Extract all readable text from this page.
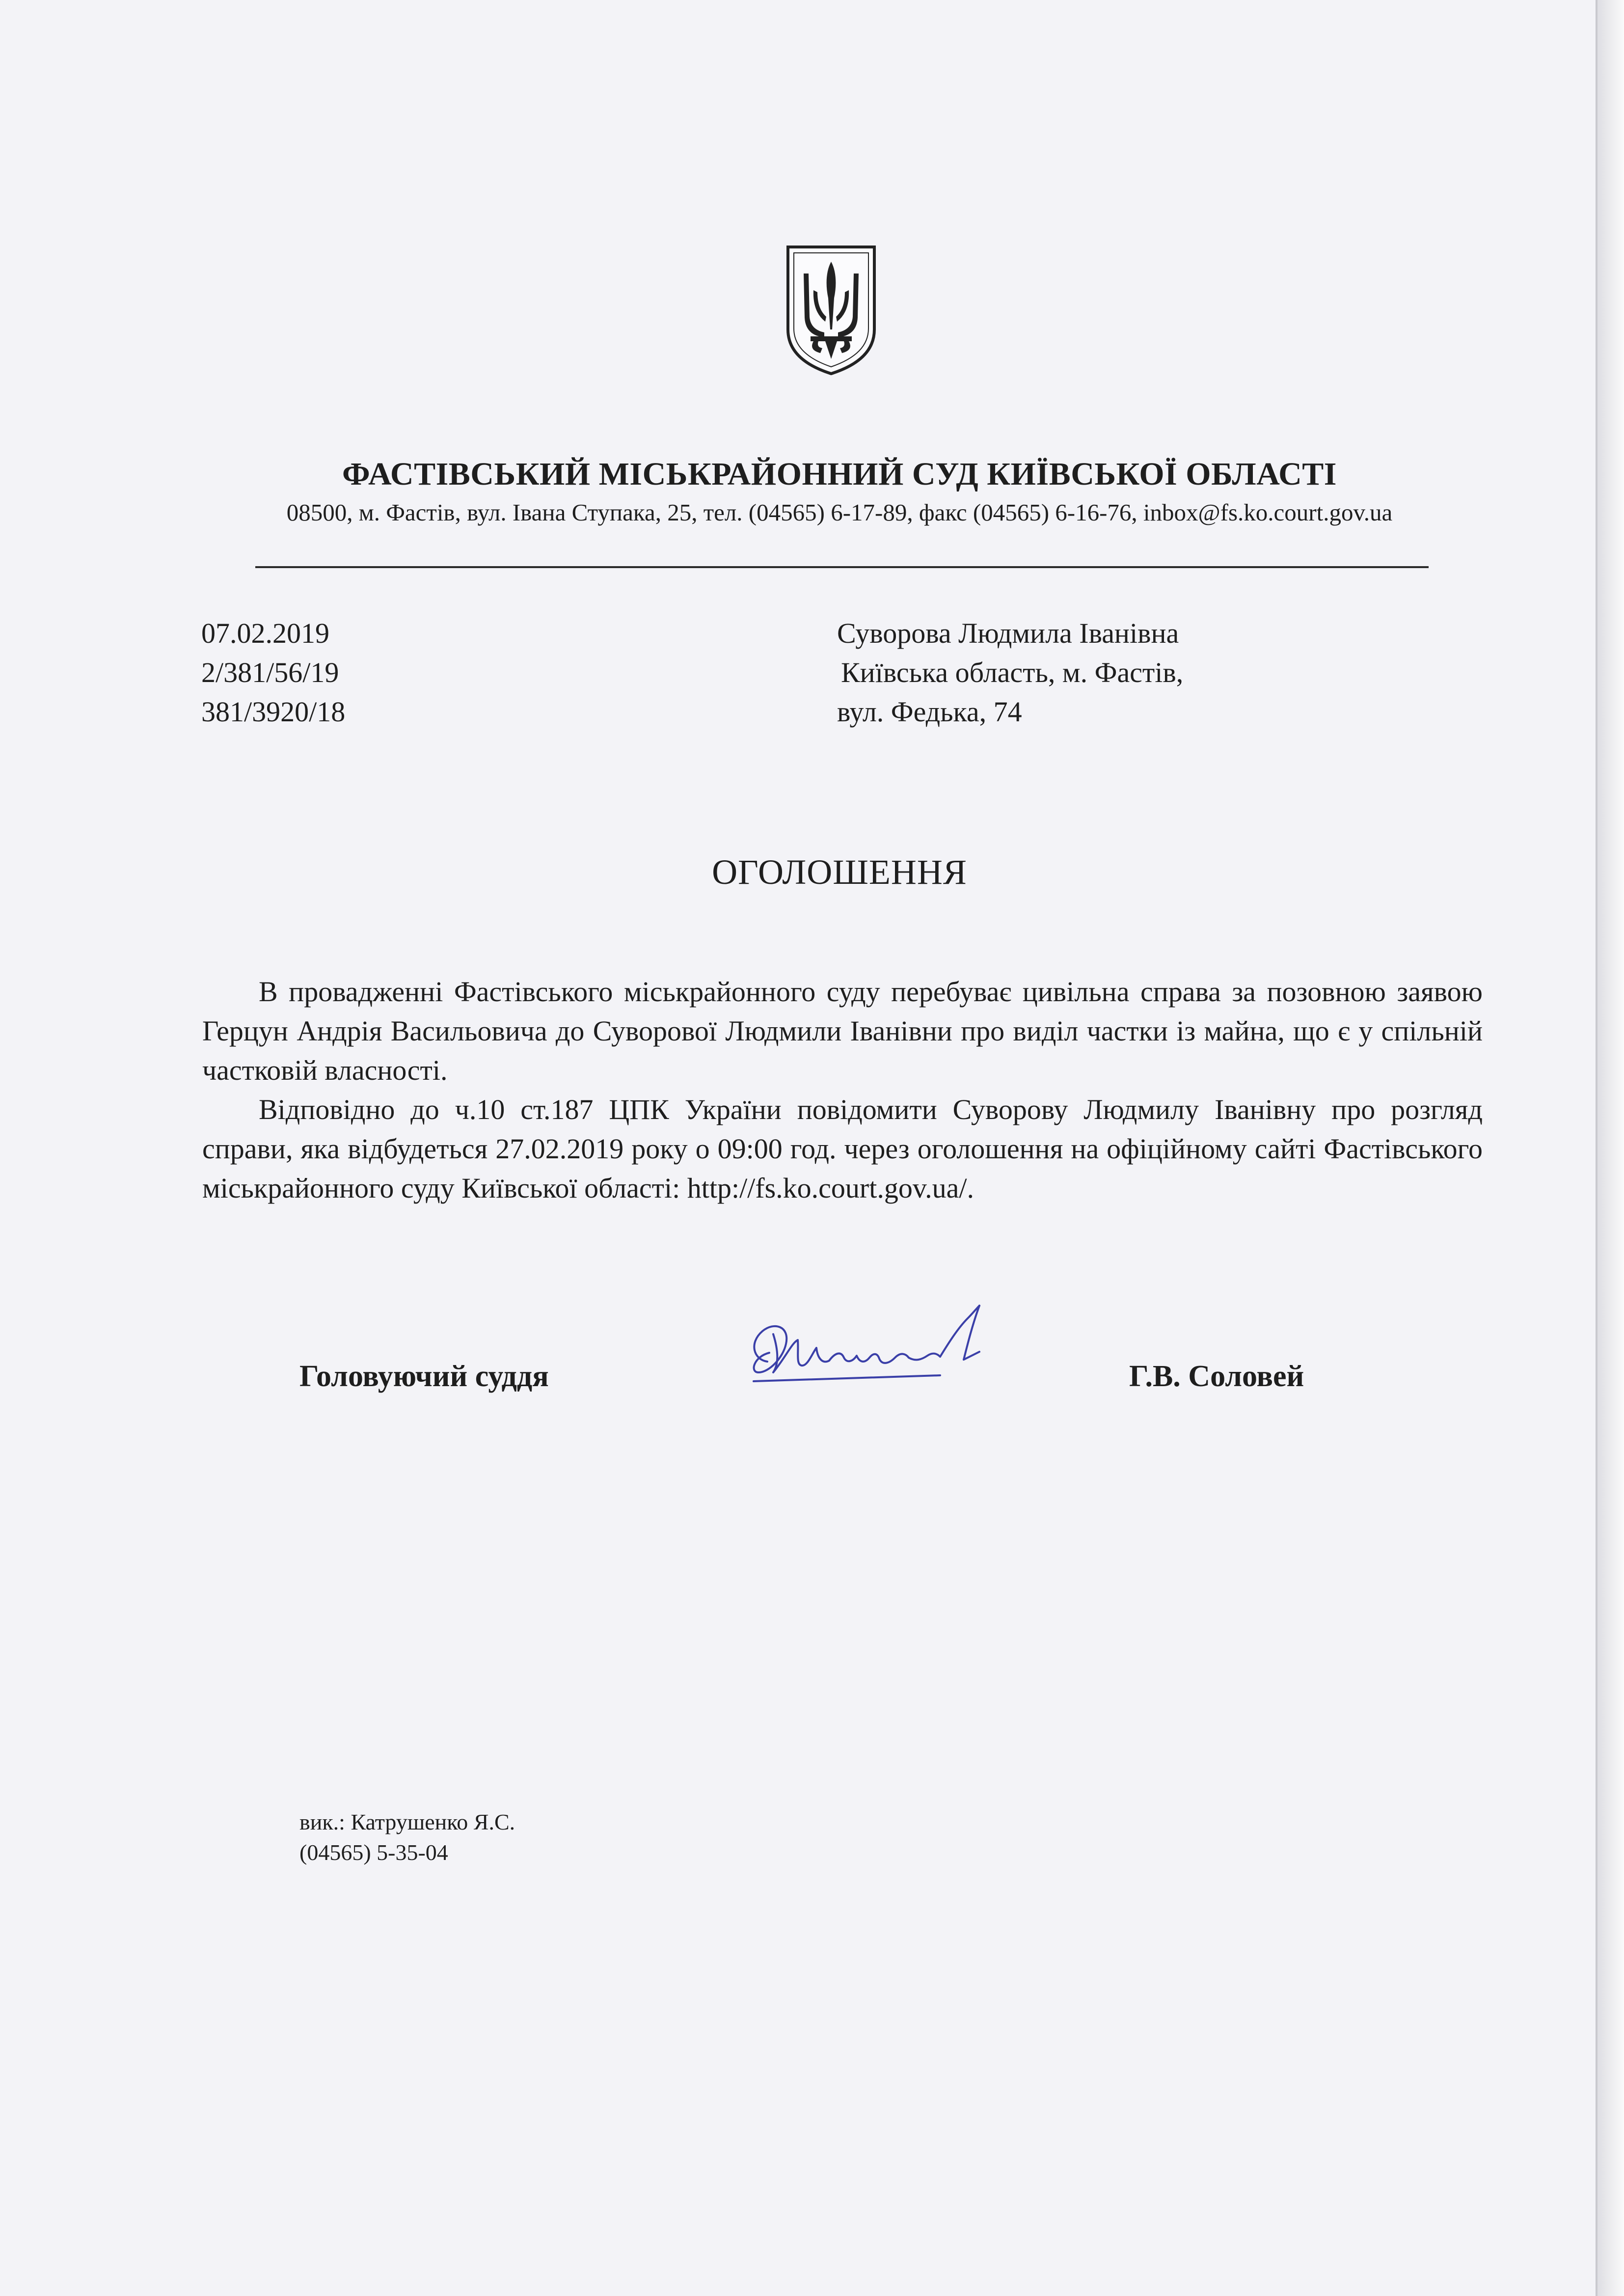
ФАСТІВСЬКИЙ МІСЬКРАЙОННИЙ СУД КИЇВСЬКОЇ ОБЛАСТІ
08500, м. Фастів, вул. Івана Ступака, 25, тел. (04565) 6-17-89, факс (04565) 6-16-76, inbox@fs.ko.court.gov.ua
07.02.2019
2/381/56/19
381/3920/18
Суворова Людмила Іванівна
Київська область, м. Фастів,
вул. Федька, 74
ОГОЛОШЕННЯ

В провадженні Фастівського міськрайонного суду перебуває цивільна справа за позовною заявою Герцун Андрія Васильовича до Суворової Людмили Іванівни про виділ частки із майна, що є у спільній частковій власності.

Відповідно до ч.10 ст.187 ЦПК України повідомити Суворову Людмилу Іванівну про розгляд справи, яка відбудеться 27.02.2019 року о 09:00 год. через оголошення на офіційному сайті Фастівського міськрайонного суду Київської області: http://fs.ko.court.gov.ua/.

Головуючий суддя	Г.В. Соловей
вик.: Катрушенко Я.С.
(04565) 5-35-04
